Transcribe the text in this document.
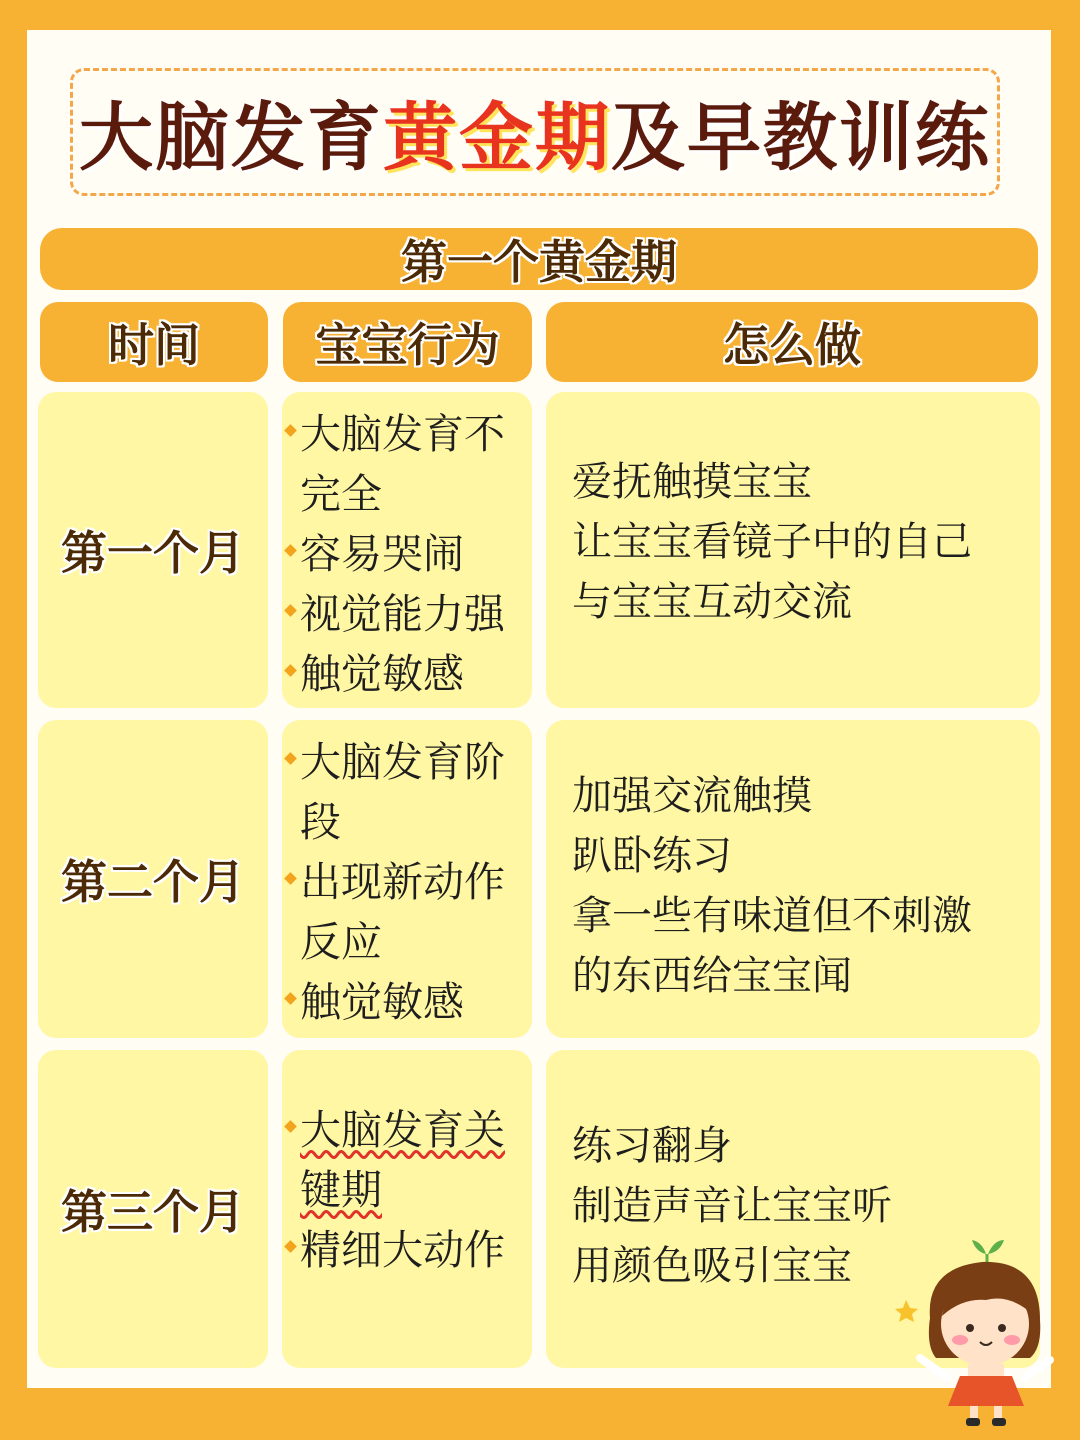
大脑发育黄金期及早教训练
第一个黄金期
时间	宝宝行为	怎么做
第一个月
大脑发育不完全
容易哭闹
视觉能力强
触觉敏感
爱抚触摸宝宝
让宝宝看镜子中的自己
与宝宝互动交流
第二个月
大脑发育阶段
出现新动作反应
触觉敏感
加强交流触摸
趴卧练习
拿一些有味道但不刺激
的东西给宝宝闻
第三个月
大脑发育关键期
精细大动作
练习翻身
制造声音让宝宝听
用颜色吸引宝宝
